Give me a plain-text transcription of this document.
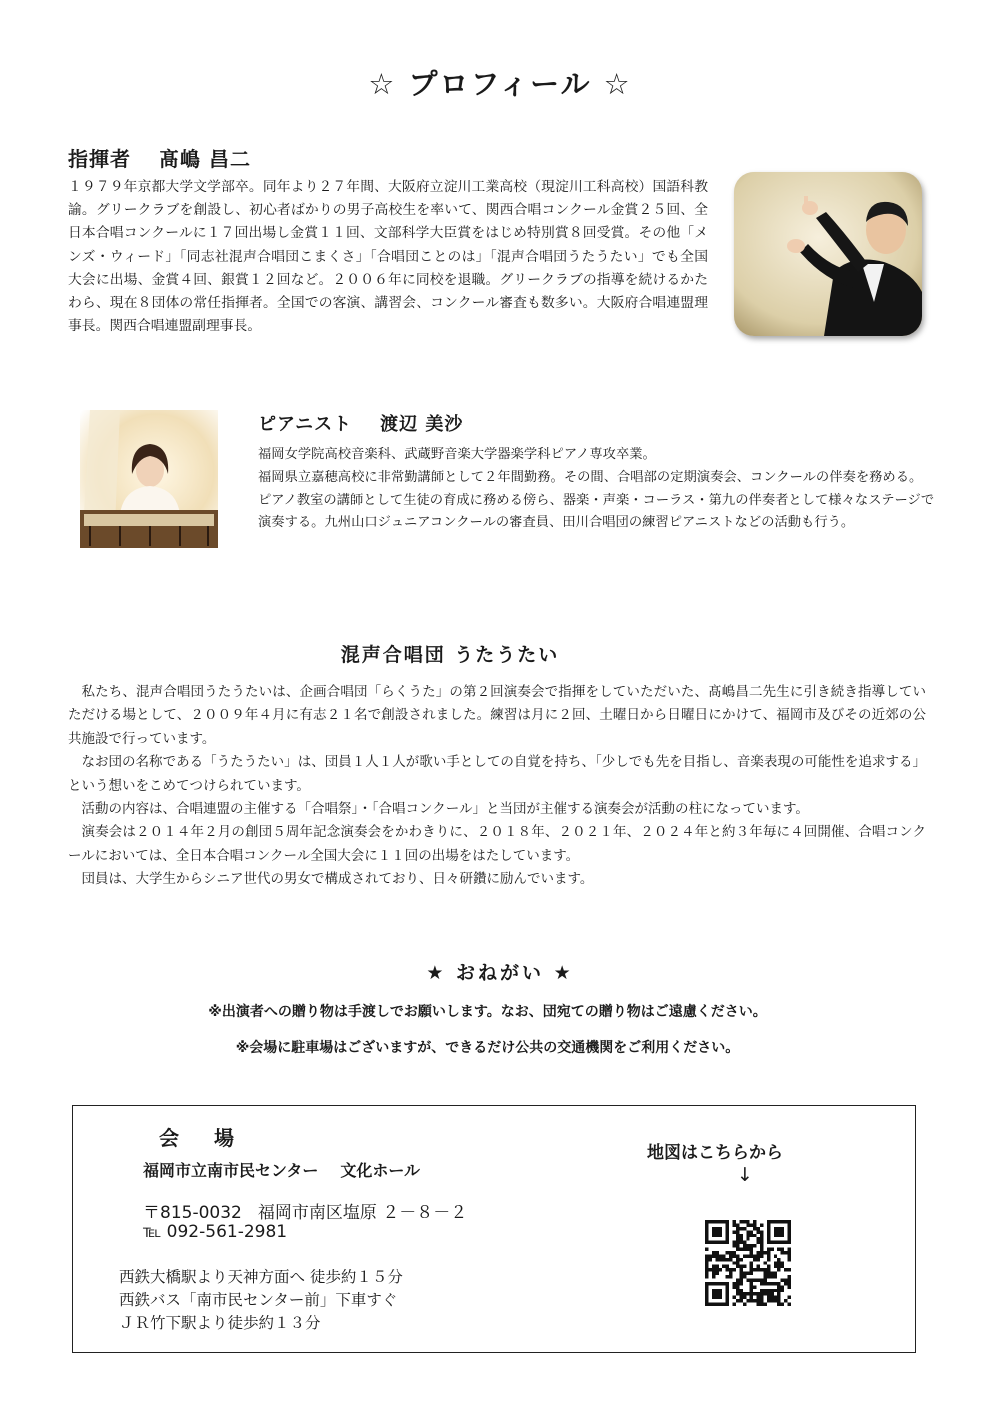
☆ プロフィール ☆
指揮者 髙嶋 昌二
１９７９年京都大学文学部卒。同年より２７年間、大阪府立淀川工業高校（現淀川工科高校）国語科教諭。グリークラブを創設し、初心者ばかりの男子高校生を率いて、関西合唱コンクール金賞２５回、全日本合唱コンクールに１７回出場し金賞１１回、文部科学大臣賞をはじめ特別賞８回受賞。その他「メンズ・ウィード」「同志社混声合唱団こまくさ」「合唱団ことのは」「混声合唱団うたうたい」でも全国大会に出場、金賞４回、銀賞１２回など。２００６年に同校を退職。グリークラブの指導を続けるかたわら、現在８団体の常任指揮者。全国での客演、講習会、コンクール審査も数多い。大阪府合唱連盟理事長。関西合唱連盟副理事長。
ピアニスト 渡辺 美沙

福岡女学院高校音楽科、武蔵野音楽大学器楽学科ピアノ専攻卒業。

福岡県立嘉穂高校に非常勤講師として２年間勤務。その間、合唱部の定期演奏会、コンクールの伴奏を務める。

ピアノ教室の講師として生徒の育成に務める傍ら、器楽・声楽・コーラス・第九の伴奏者として様々なステージで演奏する。九州山口ジュニアコンクールの審査員、田川合唱団の練習ピアニストなどの活動も行う。

混声合唱団 うたうたい

私たち、混声合唱団うたうたいは、企画合唱団「らくうた」の第２回演奏会で指揮をしていただいた、髙嶋昌二先生に引き続き指導していただける場として、２００９年４月に有志２１名で創設されました。練習は月に２回、土曜日から日曜日にかけて、福岡市及びその近郊の公共施設で行っています。

なお団の名称である「うたうたい」は、団員１人１人が歌い手としての自覚を持ち、「少しでも先を目指し、音楽表現の可能性を追求する」という想いをこめてつけられています。

活動の内容は、合唱連盟の主催する「合唱祭」・「合唱コンクール」と当団が主催する演奏会が活動の柱になっています。

演奏会は２０１４年２月の創団５周年記念演奏会をかわきりに、２０１８年、２０２１年、２０２４年と約３年毎に４回開催、合唱コンクールにおいては、全日本合唱コンクール全国大会に１１回の出場をはたしています。

団員は、大学生からシニア世代の男女で構成されており、日々研鑽に励んでいます。

★ おねがい ★
※出演者への贈り物は手渡しでお願いします。なお、団宛ての贈り物はご遠慮ください。
※会場に駐車場はございますが、できるだけ公共の交通機関をご利用ください。
会 場
福岡市立南市民センター 文化ホール
〒815-0032 福岡市南区塩原 ２－８－２
℡ 092-561-2981
西鉄大橋駅より天神方面へ 徒歩約１５分
西鉄バス「南市民センター前」下車すぐ
ＪＲ竹下駅より徒歩約１３分
地図はこちらから
↓
